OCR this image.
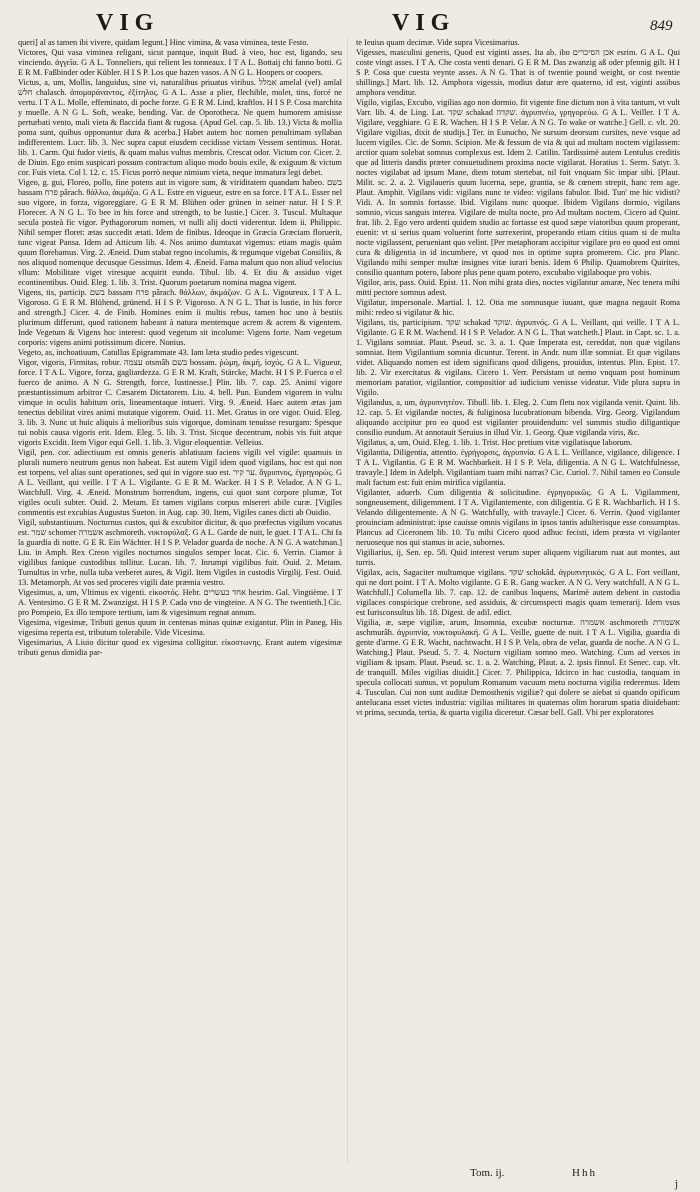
VIG	VIG	849

queri] al as tamen ibi vivere, quidam legunt.] Hinc vimina, & vasa viminea, teste Festo.

Victores, Qui vasa viminea religant, sicut pantque, inquit Bud. à vieo, hoc est, ligando, seu vinciendo. ἀγγεῖα. G A L. Tonneliers, qui relient les tonneaux. I T A L. Bottaij chi fanno botti. G E R M. Faßbinder oder Kübler. H I S P. Los que hazen vasos. A N G L. Hoopers or coopers.

Victus, a, um, Mollis, languidus, sine vi, naturalibus priuatus viribus. אמלל amelal (vel) amlal חלש chalasch. ἀπομαράναντος, ἐξίτηλος. G A L. Asse a plier, flechible, molet, tins, forcé ne vertu. I T A L. Molle, effeminato, di poche forze. G E R M. Lind, kraftlos. H I S P. Cosa marchita y muelle. A N G L. Soft, weake, bending. Var. de Oporotheca. Ne quem humorem amisisse perturbati vento, mali vieta & flaccida fiant & rugosa. (Apud Gel. cap. 5. lib. 13.) Victa & mollia poma sunt, quibus opponuntur dura & acerba.] Habet autem hoc nomen penultimam syllaban indifferentem. Lucr. lib. 3. Nec supra caput eiusdem cecidisse victam Vessem sentimus. Horat. lib. 1. Carm. Qui fudor vietis, & quam malus vultus membris. Crescat odor. Victum cor. Cicer. 2. de Diuin. Ego enim suspicari possum contractum aliquo modo bouis exile, & exiguum & victum cor. Fuis vieta. Col l. 12. c. 15. Ficus porrò neque nimium vieta, neque immatura legi debet.

Vigeo, g. gui, Floreo, pollo, fine potens aut in vigore sum, & viriditatem quandam habeo. בשם bassam פרח pârach. θάλλω, ἀκμάζω. G A L. Estre en vigueur, estre en sa force. I T A L. Esser nel suo vigore, in forza, vigoreggiare. G E R M. Blühen oder grünen in seiner natur. H I S P. Florecer. A N G L. To bee in his force and strength, to be lustie.] Cicer. 3. Tuscul. Multaque secula posteà fic vigor. Pythagororum nomen, vt nulli alij docti viderentur. Idem ii. Philippic. Nihil semper floret: ætas succedit ætati. Idem de finibus. Ideoque in Græcia Græciam floruerit, tunc vigeat Pansa. Idem ad Atticum lib. 4. Nos animo dumtaxat vigemus: etiam magis quàm quum florebamus. Virg. 2. Æneid. Dum stabat regno incolumis, & regumque vigebat Consiliis, & nos aliquod nomenque decusque Gessimus. Idem 4. Æneid. Fama malum quo non aliud velocius vllum: Mobilitate viget viresque acquirit eundo. Tibul. lib. 4. Et diu & assiduo viget econtinentibus. Ouid. Eleg. 1. lib. 3. Trist. Quorum poetarum nomina magna vigent.

Vigens, tis, particip. בשם bassam פרח pârach. θάλλων, ἀκμάζων. G A L. Vigoureux. I T A L. Vigoroso. G E R M. Blühend, grünend. H I S P. Vigoroso. A N G L. That is lustie, in his force and strength.] Cicer. 4. de Finib. Homines enim ii multis rebus, tamen hoc uno à bestiis plurimum differunt, quod rationem habeant à natura mentemque acrem & acrem & vigentem. Inde Vegetum & Vigens hoc interest: quod vegetum sit incolume: Vigens forte. Nam vegetum corporis: vigens animi potissimum dicere. Nonius.

Vegeto, as, inchoatiuum, Catullus Epigrammate 43. Iam læta studio pedes vigescunt.

Vigor, vigoris, Firmitas, robur. עצמה otsmâh בשם bossam. ῥώμη, ἀκμή, ἰσχύς. G A L. Vigueur, force. I T A L. Vigore, forza, gagliardezza. G E R M. Kraft, Stärcke, Macht. H I S P. Fuerca o el fuerco de animo. A N G. Strength, force, lustinesse.] Plin. lib. 7. cap. 25. Animi vigore præstantissimum arbitror C. Cæsarem Dictatorem. Liu. 4. bell. Pun. Eundem vigorem in vultu vimque in oculis habitum oris, lineamentaque intueri. Virg. 9. Æneid. Haec autem ætas jam tenectus debilitat vires animi mutatque vigorem. Ouid. 11. Met. Gratus in ore vigor. Ouid. Eleg. 3. lib. 3. Nunc ut huic aliquis à melioribus suis vigorque, dominam tenuisse resurgam: Spesque tui nobis causa vigoris erit. Idem. Eleg. 5. lib. 3. Trist. Sicque decentrum, nobis vis fuit atque vigoris Excidit. Item Vigor equi Gell. 1. lib. 3. Vigor eloquentiæ. Velleius.

Vigil, pen. cor. adiectiuum est omnis generis ablatiuum faciens vigili vel vigile: quamuis in plurali numero neutrum genus non habeat. Est autem Vigil idem quod vigilans, hoc est qui non est torpens, vel alias sunt operationes, sed qui in vigore suo est. ער קיר. ἄγρυπνος, ἐγρηγορώς. G A L. Veillant, qui veille. I T A L. Vigilante. G E R M. Wacker. H I S P. Velador. A N G L. Watchfull. Virg. 4. Æneid. Monstrum horrendum, ingens, cui quot sunt corpore plumæ, Tot vigiles oculi subter. Ouid. 2. Metam. Et tamen vigilans corpus misereri abile curæ. [Vigiles commentis est excubias Augustus Sueton. in Aug. cap. 30. Item, Vigiles canes dicti ab Ouidio.

Vigil, substantiuum. Nocturnus custos, qui & excubitor dicitur, & quo præfectus vigilum vocatus est. שמר schomer אשמרה aschmoreth. νυκτοφύλαξ. G A L. Garde de nuit, le guet. I T A L. Chi fa la guardia di notte. G E R. Ein Wächter. H I S P. Velador guarda de noche. A N G. A watchman.] Liu. in Amph. Rex Creon vigiles nocturnos singulos semper locat. Cic. 6. Verrin. Ciamor à vigilibus fanique custodibus tollitur. Lucan. lib. 7. Inrumpi vigilibus fuit. Ouid. 2. Metam. Tumultus in vrbe, nulla tuba verberet aures, & Vigil. Item Vigiles in custodis Virgilij. Fest. Ouid. 13. Metamorph. At vos sed proceres vigili date præmia vestro.

Vigesimus, a, um, Vltimus ex vigenti. εἰκοστός. Hebr. אחד בעשרים hesrim. Gal. Vingtième. I T A. Ventesimo. G E R M. Zwanzigst. H I S P. Cada vno de vingteine. A N G. The twentieth.] Cic. pro Pompeio, Ex illo tempore tertium, iam & vigesimum regnat annum.

Vigesima, vigesimæ, Tributi genus quum in centenas minas quinæ exigantur. Plin in Paneg. His vigesima reperta est, tributum tolerabile. Vide Vicesima.

Vigesimarius, A Liuio dicitur quod ex vigesima colligitur. εἰκοστωνης. Erant autem vigesimæ tributi genus dimidia par-

te Ieuius quam decimæ. Vide supra Vicesimarius.

Vigesses, masculini generis, Quod est viginti asses. Ita ab. ibo אכן הסיכרים esrim. G A L. Qui coste vingt asses. I T A. Che costa venti denari. G E R M. Das zwanzig aß oder pfennig gilt. H I S P. Cosa que cuesta veynte asses. A N G. That is of twentie pound weight, or cost twentie shillings.] Mart. lib. 12. Amphora vigessis, modius datur ære quaterno, id est, viginti assibus amphora venditur.

Vigilo, vigilas, Excubo, vigilias ago non dormio. fit vigente fine dictum non à vita tantum, vt vult Varr. lib. 4. de Ling. Lat. שקד schakad שקדה. ἀγρυπνέω, γρηγορεύω. G A L. Veiller. I T A. Vigilare, vegghiare. G E R. Wachen. H I S P. Velar. A N G. To wake or watche.] Gell. c. vlt. 20. Vigilare vigilias, dixit de studijs.] Ter. in Eunucho, Ne sursum deorsum cursites, neve vsque ad lucem vigiles. Cic. de Somn. Scipion. Me & fessum de via & qui ad multam noctem vigilassem: arctior quam solebat somnus complexus est. Idem 2. Catilin. Tardissimè autem Lentulus creditis que ad litteris dandis præter consuetudinem proxima nocte vigilarat. Horatius 1. Serm. Satyr. 3. noctes vigilabat ad ipsum Mane, diem totum stertebat, nil fuit vnquam Sic impar sibi. [Plaut. Milit. sc. 2. a. 2. Vigilaueris quum lucerna, sepe, grantia, se & cœnem strepit, hanc rem age. Plaut. Amphit. Vigilans vidi: vigilans nunc te video: vigilans fabulor. Ibid. Tun' me hic vidisti? Vidi. A. In somnis fortasse. Ibid. Vigilans nunc quoque. Ibidem Vigilans dormio, vigilans somnio, vicus sanguis interea. Vigilare de multa nocte, pro Ad multam noctem. Cicero ad Quint. frat. lib. 2. Ego vero ardenti quidem studio ac fortasse est quod sæpe viatoribus quum properant, euenit: vt si serius quam voluerint forte surrexerint, properando etiam citius quam si de multa nocte vigilassent, perueniant quo velint. [Per metaphoram accipitur vigilare pro eo quod est omni cura & diligentia in id incumbere, vt quod nos in optime supra promerem. Cic. pro Planc. Vigilando mihi semper multæ insignes vitæ iurari benis. Idem 6 Philip. Quamobrem Quirites, consilio quantum potero, labore plus pene quam potero, excubabo vigilaboque pro vobis.

Vigilor, aris, pass. Ouid. Epist. 11. Non mihi grata dies, noctes vigilantur amaræ, Nec tenera mihi mitti pectore somnus adest.

Vigilatur, impersonale. Martial. l. 12. Otia me somnusque iuuant, quæ magna negauit Roma mihi: redeo si vigilatur & hic.

Vigilans, tis, participium. שקד schakad שוקד. ἀγρυπνός. G A L. Veillant, qui veille. I T A L. Vigilante. G E R M. Wachend. H I S P. Velador. A N G L. That watcheth.] Plaut. in Capt. sc. 1. a. 1. Vigilans somniat. Plaut. Pseud. sc. 3. a. 1. Quæ Imperata est, cereddat, non quæ vigilans somniat. Item Vigilantium somnia dicuntur. Terent. in Andr. num illæ somniat. Et quæ vigilans videt. Aliquando nomen est idem significans quod diligens, prouidus, intentus. Plin. Epist. 17. lib. 2. Vir exercitatus & vigilans. Cicero 1. Verr. Persistam ut nemo vnquam post hominum memoriam paratior, vigilantior, compositior ad iudicium venisse videatur. Vide plura supra in Vigilo.

Vigilandus, a, um, ἀγρυπνητέον. Tibull. lib. 1. Eleg. 2. Cum fletu nox vigilanda venit. Quint. lib. 12. cap. 5. Et vigilandæ noctes, & fuliginosa lucubrationum bibenda. Virg. Georg. Vigilandum aliquando accipitur pro eo quod est vigilanter prouidendum: vel summis studio diligantique consilio eundum. At annotauit Seruius in illud Vir. 1. Georg. Quæ vigilanda viris, &c.

Vigilatus, a, um, Ouid. Eleg. 1. lib. 1. Trist. Hoc pretium vitæ vigilatisque laborum.

Vigilantia, Diligentia, attentio. ἐγρήγορσις, ἀγρυπνία. G A L L. Veillance, vigilance, diligence. I T A L. Vigilantia. G E R M. Wachbarkeit. H I S P. Vela, diligentia. A N G L. Watchfulnesse, travayle.] Idem in Adelph. Vigilantiam tuam mihi narras? Cic. Curiol. 7. Nihil tamen eo Consule mali factum est: fuit enim mirifica vigilantia.

Vigilanter, aduerb. Cum diligentia & solicitudine. ἐγρηγορικῶς. G A L. Vigilamment, songneusement, diligemment. I T A. Vigilantemente, con diligentia. G E R. Wachbarlich. H I S. Velando diligentemente. A N G. Watchfully, with travayle.] Cicer. 6. Verrin. Quod vigilanter prouinciam administrat: ipse cauisse omnis vigilans in ipsos tantis adulterisque esse consumptas. Plancus ad Ciceronem lib. 10. Tu mihi Cicero quod adhuc fecisti, idem præsta vt vigilanter neruoseque nos qui stamus in acie, subornes.

Vigiliarius, ij, Sen. ep. 58. Quid interest verum super aliquem vigiliarum ruat aut montes, aut turris.

Vigilax, acis, Sagaciter multumque vigilans. שקד schokâd. ἀγρυπνητικός. G A L. Fort veillant, qui ne dort point. I T A. Molto vigilante. G E R. Gang wacker. A N G. Very watchfull. A N G L. Watchfull.] Columella lib. 7. cap. 12. de canibus loquens, Marimè autem debent in custodia vigilaces conspicique crebrone, sed assiduis, & circumspecti magis quam temerarij. Idem vsus est Iurisconsultus lib. 18. Digest. de adil. edict.

Vigilia, æ, sæpe vigiliæ, arum, Insomnia, excubæ nocturnæ. אשמרה aschmoreth אשמורת aschmurâh. ἀγρυπνία, νυκτοφυλακή. G A L. Veille, guette de nuit. I T A L. Vigilia, guardia di gente d'arme. G E R. Wacht, nachtwacht. H I S P. Vela, obra de velar, guarda de noche. A N G L. Watching.] Plaut. Pseud. 5. 7. 4. Nocturn vigiliam somno meo. Watching. Cum ad versos in vigiliam & ipsam. Plaut. Pseud. sc. 1. a. 2. Watching, Plaut. a. 2. ipsis finnul. Et Senec. cap. vlt. de tranquill. Miles vigilias diuidit.] Cicer. 7. Philippica, Idcirco in hac custodia, tanquam in specula collocati sumus, vt populum Romanum vacuum metu nocturna vigilia rederemus. Idem 4. Tusculan. Cui non sunt auditæ Demosthenis vigiliæ? qui dolere se aiebat si quando opificum antelucana esset victes industria: vigilias militares in quaternas olim horarum spatia diuidebant: vt prima, secunda, tertia, & quarta vigilia diceretur. Cæsar bell. Gall. Vbi per exploratores

Tom. ij.	Hhh
j
